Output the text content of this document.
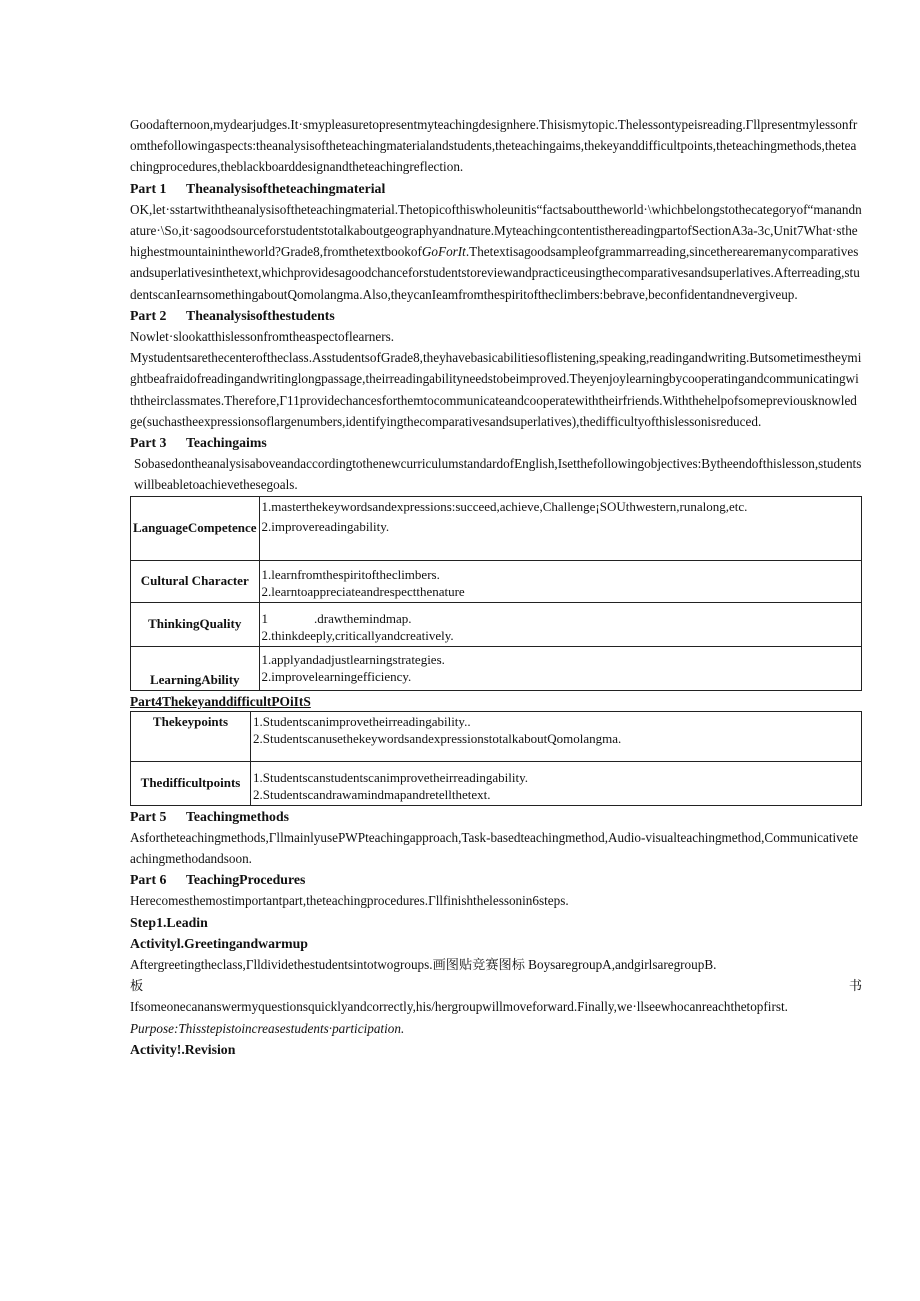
Goodafternoon,mydearjudges.It·smypleasuretopresentmyteachingdesignhere.Thisismytopic.Thelessontypeisreading.Γllpresentmylessonfromthefollowingaspects:theanalysisoftheteachingmaterialandstudents,theteachingaims,thekeyanddifficultpoints,theteachingmethods,theteachingprocedures,theblackboarddesignandtheteachingreflection.

Part 1 Theanalysisoftheteachingmaterial

OK,let·sstartwiththeanalysisoftheteachingmaterial.Thetopicofthiswholeunitis“factsabouttheworld·\whichbelongstothecategoryof“manandnature·\So,it·sagoodsourceforstudentstotalkaboutgeographyandnature.MyteachingcontentisthereadingpartofSectionA3a-3c,Unit7What·sthehighestmountainintheworld?Grade8,fromthetextbookofGoForIt.Thetextisagoodsampleofgrammarreading,sincetherearemanycomparativesandsuperlativesinthetext,whichprovidesagoodchanceforstudentstoreviewandpracticeusingthecomparativesandsuperlatives.Afterreading,studentscanIearnsomethingaboutQomolangma.Also,theycanIeamfromthespiritoftheclimbers:bebrave,beconfidentandnevergiveup.

Part 2 Theanalysisofthestudents

Nowlet·slookatthislessonfromtheaspectoflearners.

Mystudentsarethecenteroftheclass.AsstudentsofGrade8,theyhavebasicabilitiesoflistening,speaking,readingandwriting.Butsometimestheymightbeafraidofreadingandwritinglongpassage,theirreadingabilityneedstobeimproved.Theyenjoylearningbycooperatingandcommunicatingwiththeirclassmates.Therefore,Γ11providechancesforthemtocommunicateandcooperatewiththeirfriends.Withthehelpofsomepreviousknowledge(suchastheexpressionsoflargenumbers,identifyingthecomparativesandsuperlatives),thedifficultyofthislessonisreduced.

Part 3 Teachingaims

SobasedontheanalysisaboveandaccordingtothenewcurriculumstandardofEnglish,Isetthefollowingobjectives:Bytheendofthislesson,studentswillbeabletoachievethesegoals.

LanguageCompetence	1.masterthekeywordsandexpressions:succeed,achieve,Challenge¡SOUthwestern,runalong,etc.
2.improvereadingability.

Cultural Character	1.learnfromthespiritoftheclimbers.
2.learntoappreciateandrespectthenature

ThinkingQuality	1 .drawthemindmap.
2.thinkdeeply,criticallyandcreatively.

LearningAbility	1.applyandadjustlearningstrategies.
2.improvelearningefficiency.
Part4ThekeyanddifficultPOiItS
Thekeypoints	1.Studentscanimprovetheirreadingability..
2.StudentscanusethekeywordsandexpressionstotalkaboutQomolangma.

Thedifficultpoints	1.Studentscanstudentscanimprovetheirreadingability.
2.Studentscandrawamindmapandretellthetext.

Part 5 Teachingmethods

Asfortheteachingmethods,ΓllmainlyusePWPteachingapproach,Task-basedteachingmethod,Audio-visualteachingmethod,Communicativeteachingmethodandsoon.

Part 6 TeachingProcedures

Herecomesthemostimportantpart,theteachingprocedures.Γllfinishthelessonin6steps.

Step1.Leadin

Activityl.Greetingandwarmup

Aftergreetingtheclass,Γlldividethestudentsintotwogroups.画图贴竞赛图标 BoysaregroupA,andgirlsaregroupB.

板	书

Ifsomeonecananswermyquestionsquicklyandcorrectly,his/hergroupwillmoveforward.Finally,we·llseewhocanreachthetopfirst.

Purpose:Thisstepistoincreasestudents·participation.

Activity!.Revision
